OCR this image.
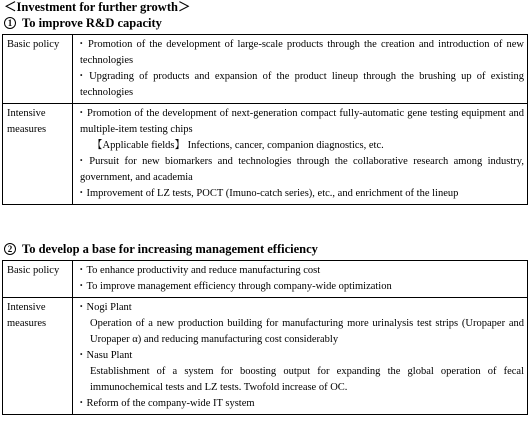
＜Investment for further growth＞
1 To improve R&D capacity
Basic policy	・Promotion of the development of large-scale products through the creation and introduction of new technologies
・Upgrading of products and expansion of the product lineup through the brushing up of existing technologies

Intensive measures	・Promotion of the development of next-generation compact fully-automatic gene testing equipment and multiple-item testing chips
【Applicable fields】 Infections, cancer, companion diagnostics, etc.
・Pursuit for new biomarkers and technologies through the collaborative research among industry, government, and academia
・Improvement of LZ tests, POCT (Imuno-catch series), etc., and enrichment of the lineup
2 To develop a base for increasing management efficiency
Basic policy	・To enhance productivity and reduce manufacturing cost
・To improve management efficiency through company-wide optimization

Intensive measures	・Nogi Plant
Operation of a new production building for manufacturing more urinalysis test strips (Uropaper and Uropaper α) and reducing manufacturing cost considerably
・Nasu Plant
Establishment of a system for boosting output for expanding the global operation of fecal immunochemical tests and LZ tests. Twofold increase of OC.
・Reform of the company-wide IT system
